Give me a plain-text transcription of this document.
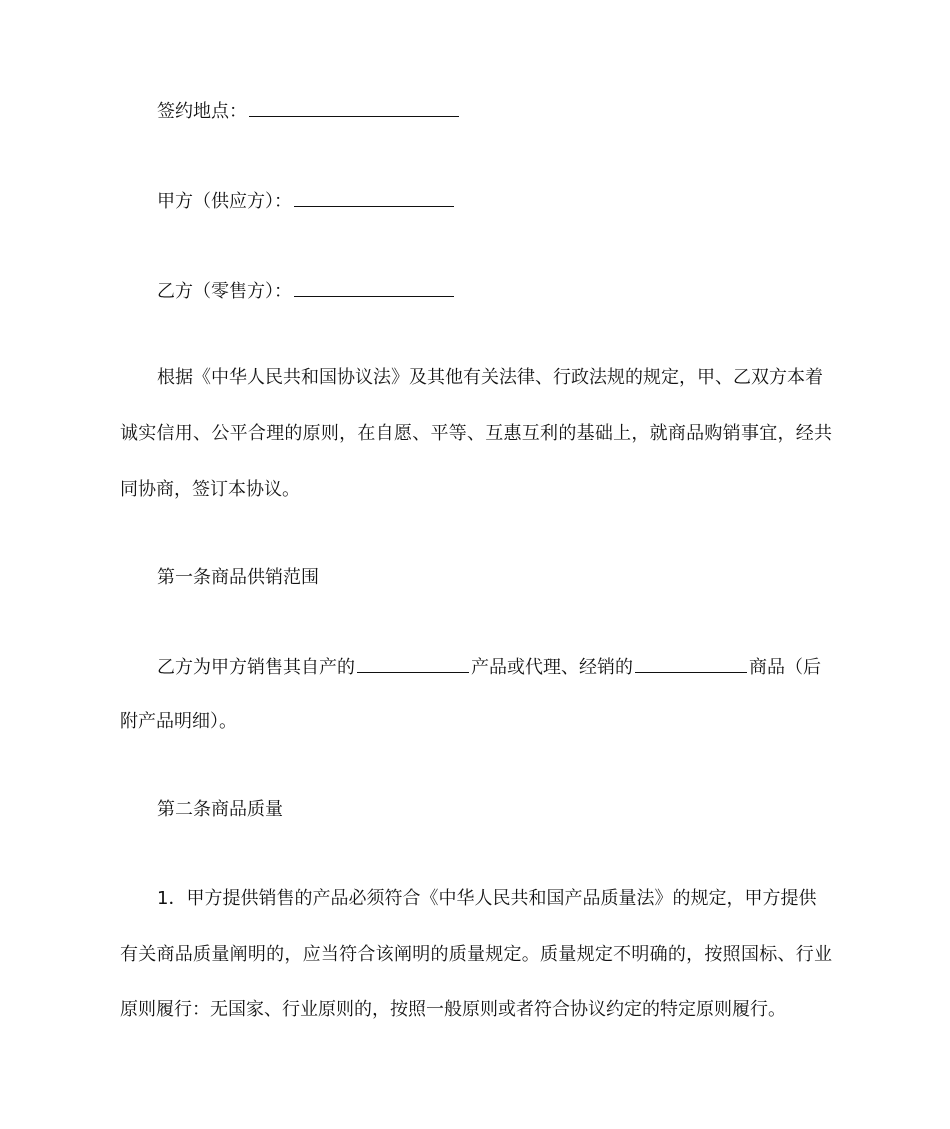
签约地点：
甲方（供应方）：
乙方（零售方）：
根据《中华人民共和国协议法》及其他有关法律、行政法规的规定，甲、乙双方本着
诚实信用、公平合理的原则，在自愿、平等、互惠互利的基础上，就商品购销事宜，经共
同协商，签订本协议。
第一条商品供销范围
乙方为甲方销售其自产的	产品或代理、经销的	商品（后
附产品明细）。
第二条商品质量
1．甲方提供销售的产品必须符合《中华人民共和国产品质量法》的规定，甲方提供
有关商品质量阐明的，应当符合该阐明的质量规定。质量规定不明确的，按照国标、行业
原则履行：无国家、行业原则的，按照一般原则或者符合协议约定的特定原则履行。
